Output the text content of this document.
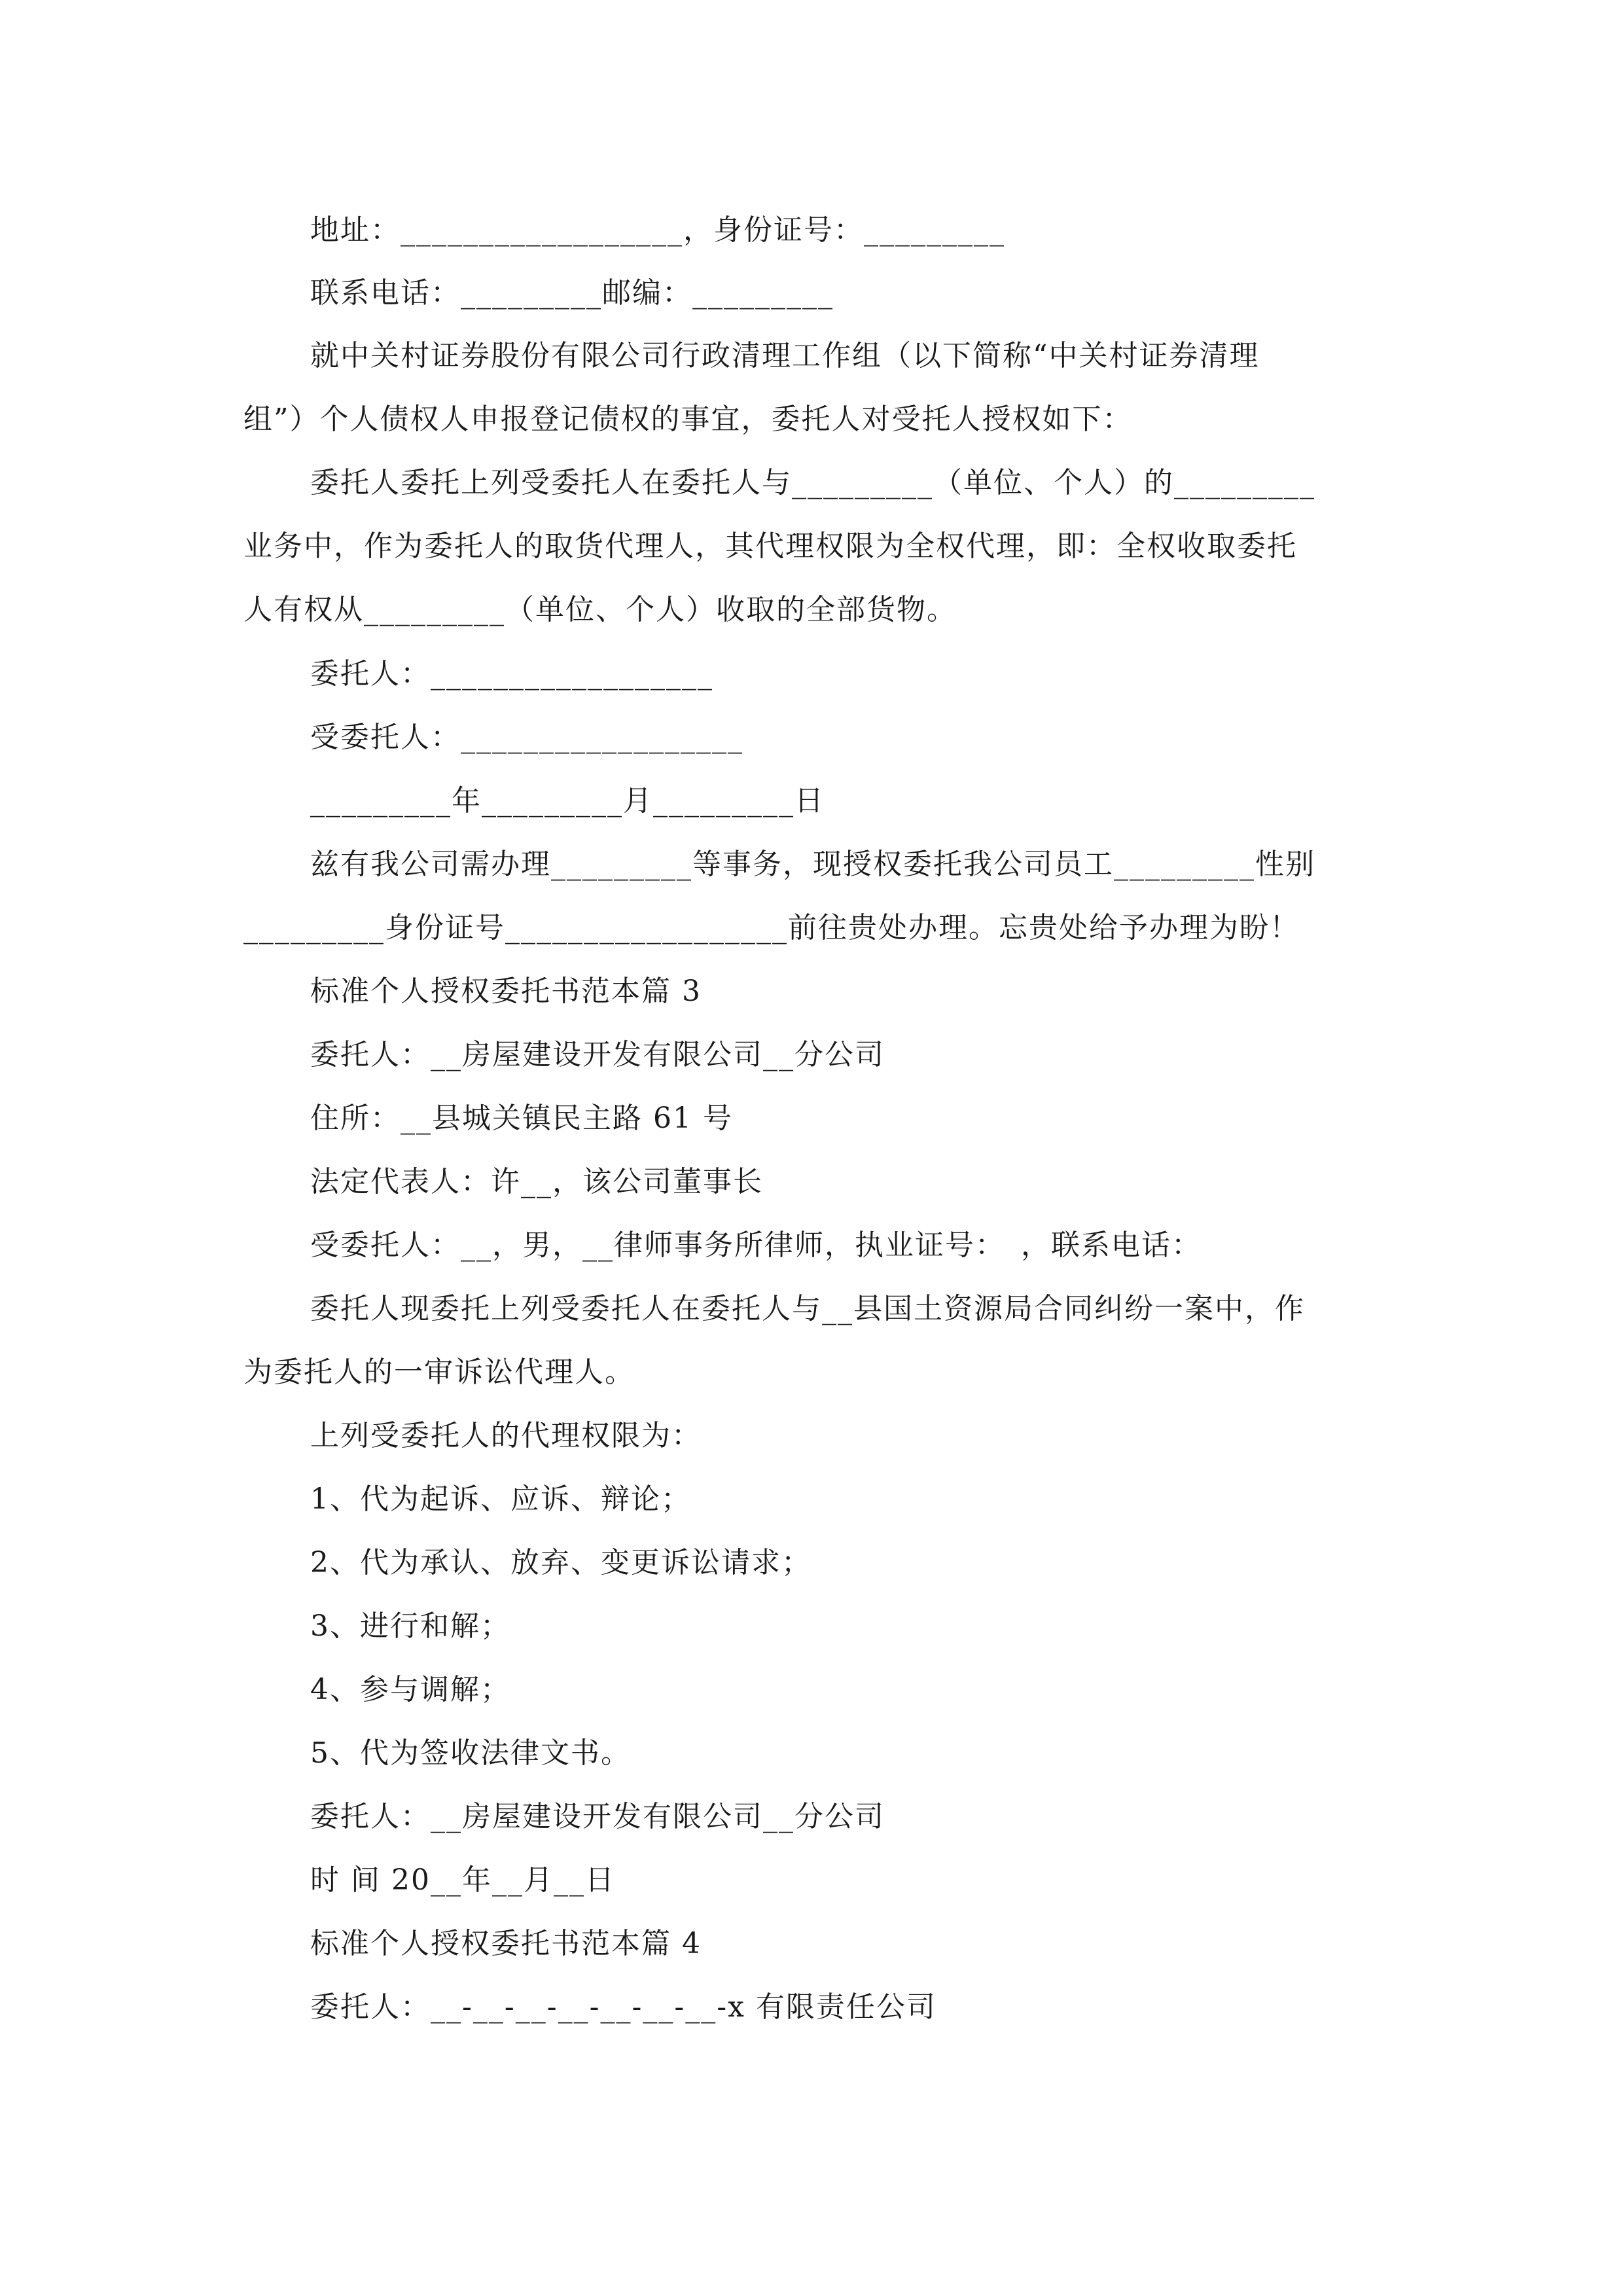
地址：__________________，身份证号：_________
联系电话：_________邮编：_________
就中关村证券股份有限公司行政清理工作组（以下简称“中关村证券清理
组”）个人债权人申报登记债权的事宜，委托人对受托人授权如下：
委托人委托上列受委托人在委托人与_________（单位、个人）的_________
业务中，作为委托人的取货代理人，其代理权限为全权代理，即：全权收取委托
人有权从_________（单位、个人）收取的全部货物。
委托人：__________________
受委托人：__________________
_________年_________月_________日
兹有我公司需办理_________等事务，现授权委托我公司员工_________性别
_________身份证号__________________前往贵处办理。忘贵处给予办理为盼！
标准个人授权委托书范本篇 3
委托人：__房屋建设开发有限公司__分公司
住所：__县城关镇民主路 61 号
法定代表人：许__，该公司董事长
受委托人：__，男，__律师事务所律师，执业证号：　，联系电话：
委托人现委托上列受委托人在委托人与__县国土资源局合同纠纷一案中，作
为委托人的一审诉讼代理人。
上列受委托人的代理权限为：
1、代为起诉、应诉、辩论；
2、代为承认、放弃、变更诉讼请求；
3、进行和解；
4、参与调解；
5、代为签收法律文书。
委托人：__房屋建设开发有限公司__分公司
时 间 20__年__月__日
标准个人授权委托书范本篇 4
委托人：__-__-__-__-__-__-__-x 有限责任公司
